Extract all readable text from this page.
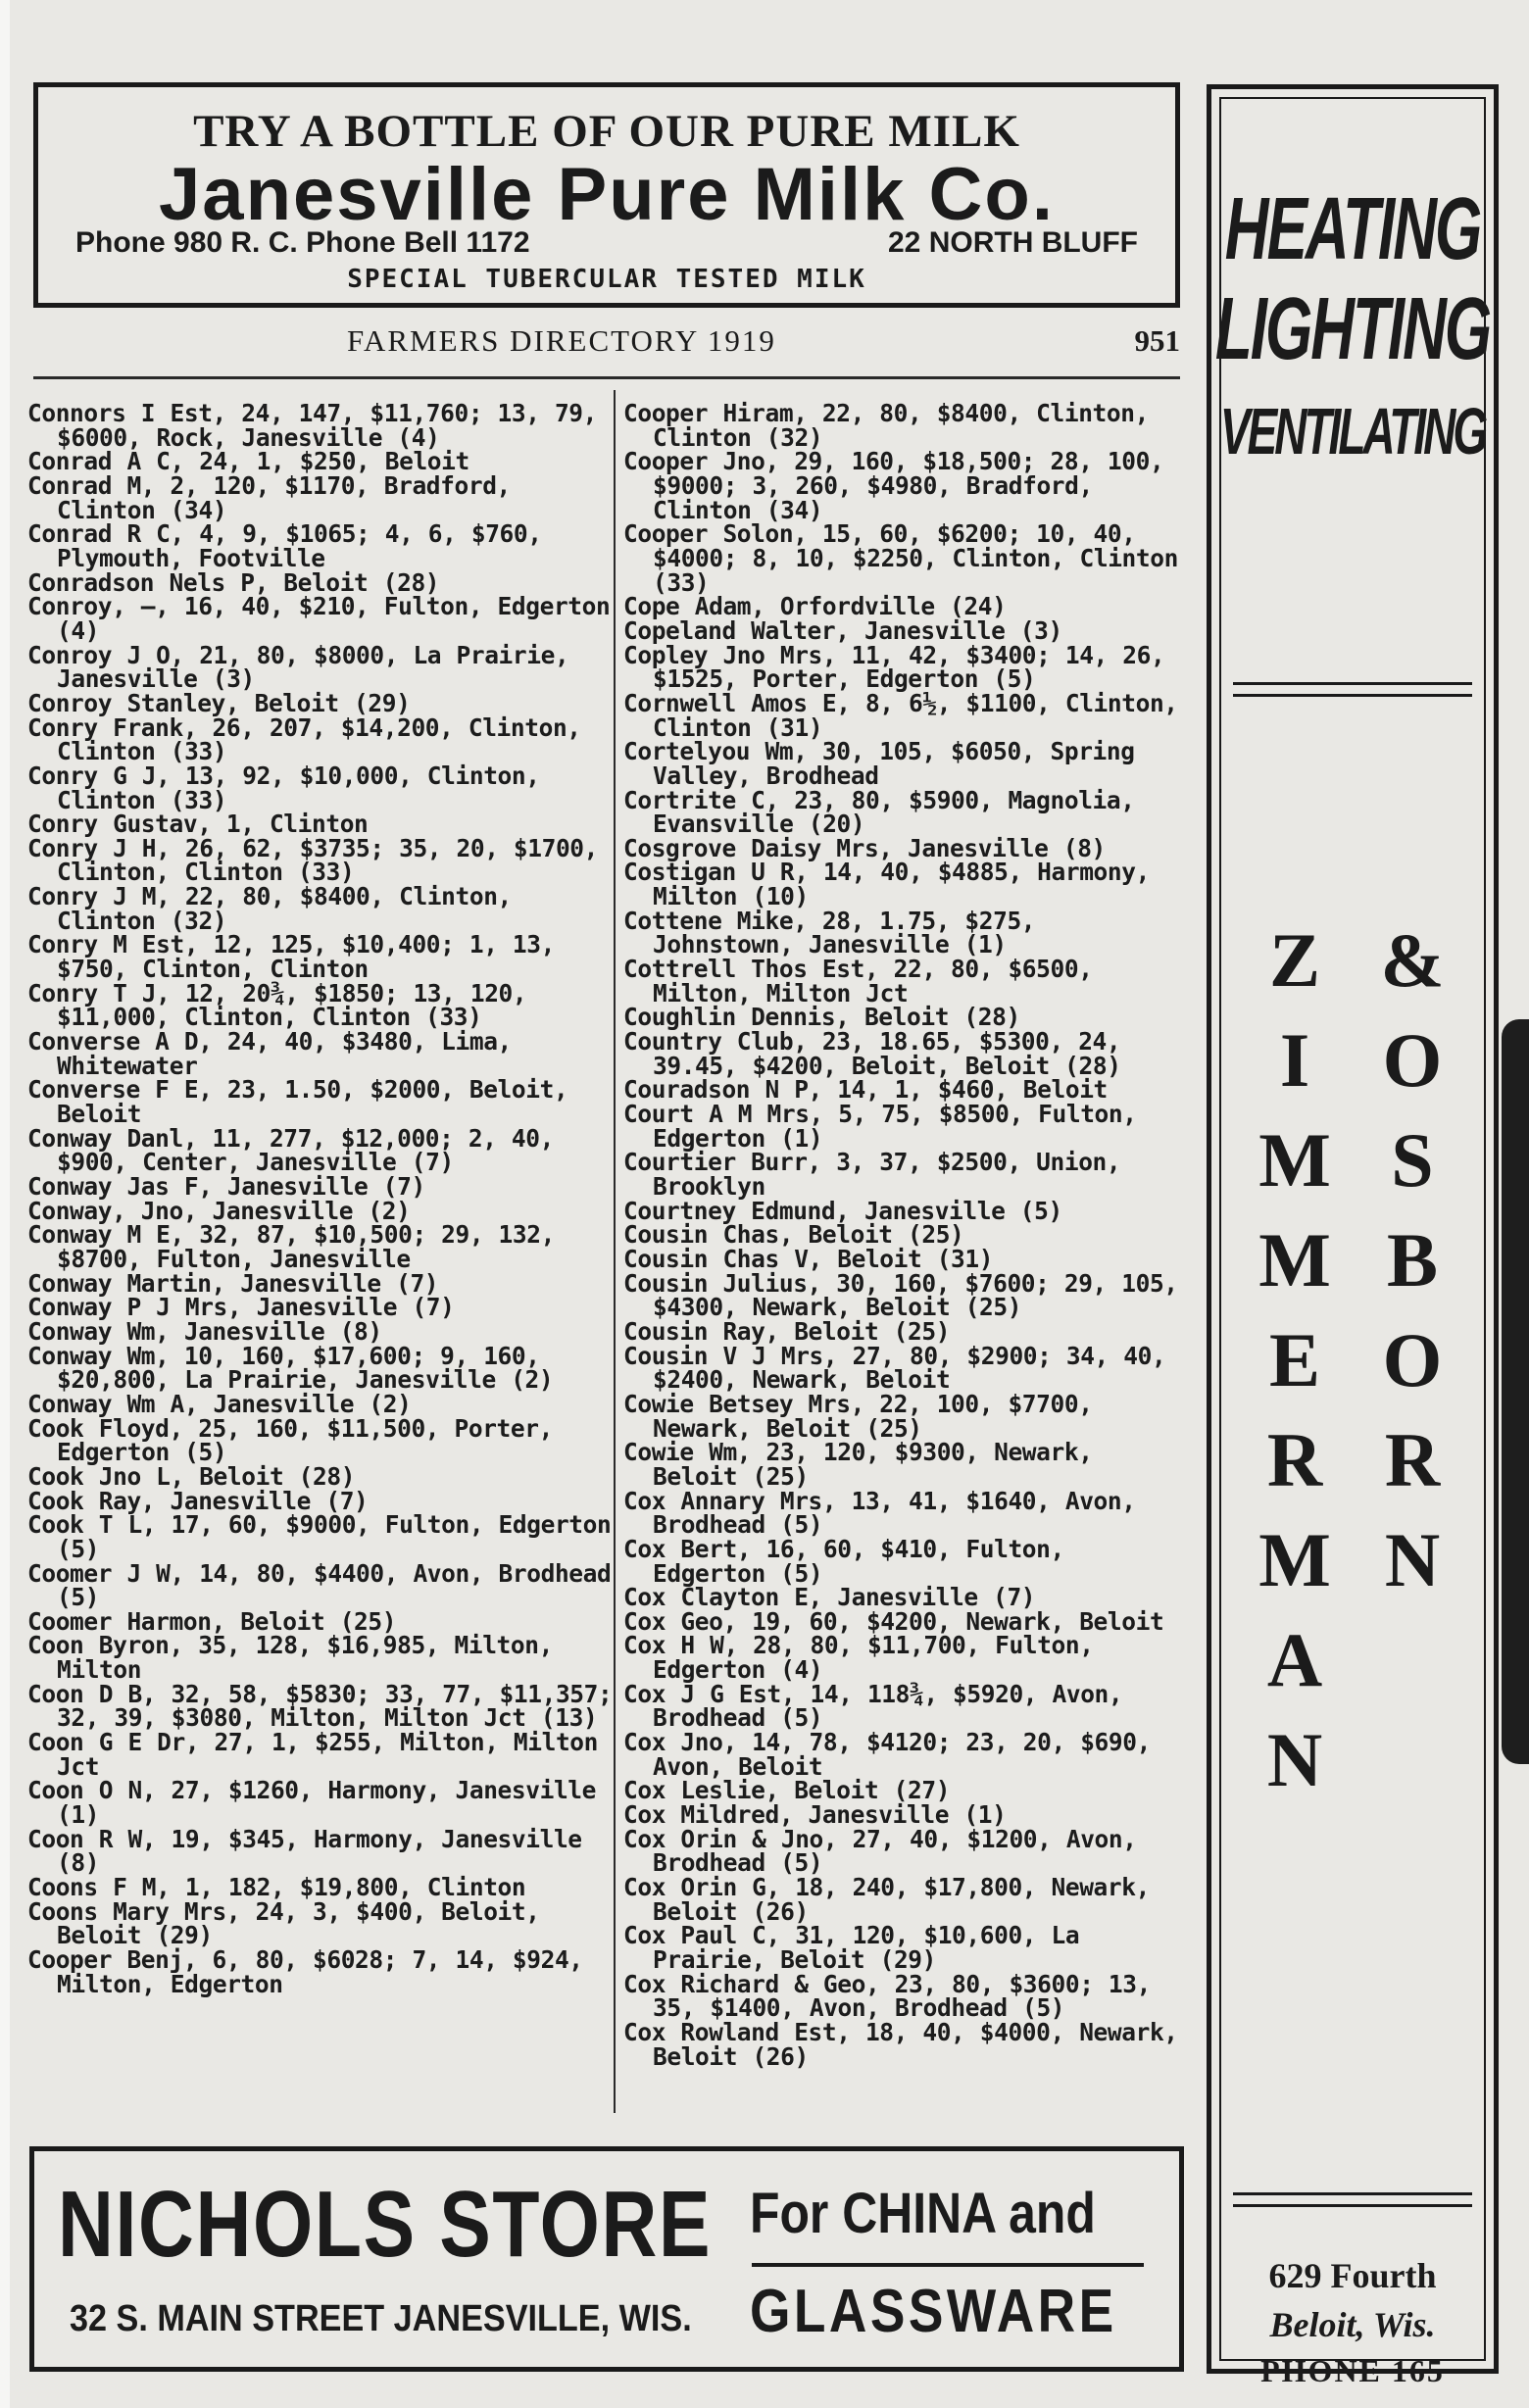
TRY A BOTTLE OF OUR PURE MILK
Janesville Pure Milk Co.
Phone 980 R. C. Phone Bell 1172	22 NORTH BLUFF
SPECIAL TUBERCULAR TESTED MILK
FARMERS DIRECTORY 1919	951
Connors I Est, 24, 147, $11,760; 13, 79, $6000, Rock, Janesville (4)
Conrad A C, 24, 1, $250, Beloit
Conrad M, 2, 120, $1170, Bradford, Clinton (34)
Conrad R C, 4, 9, $1065; 4, 6, $760, Plymouth, Footville
Conradson Nels P, Beloit (28)
Conroy, —, 16, 40, $210, Fulton, Edgerton (4)
Conroy J O, 21, 80, $8000, La Prairie, Janesville (3)
Conroy Stanley, Beloit (29)
Conry Frank, 26, 207, $14,200, Clinton, Clinton (33)
Conry G J, 13, 92, $10,000, Clinton, Clinton (33)
Conry Gustav, 1, Clinton
Conry J H, 26, 62, $3735; 35, 20, $1700, Clinton, Clinton (33)
Conry J M, 22, 80, $8400, Clinton, Clinton (32)
Conry M Est, 12, 125, $10,400; 1, 13, $750, Clinton, Clinton
Conry T J, 12, 20¾, $1850; 13, 120, $11,000, Clinton, Clinton (33)
Converse A D, 24, 40, $3480, Lima, Whitewater
Converse F E, 23, 1.50, $2000, Beloit, Beloit
Conway Danl, 11, 277, $12,000; 2, 40, $900, Center, Janesville (7)
Conway Jas F, Janesville (7)
Conway, Jno, Janesville (2)
Conway M E, 32, 87, $10,500; 29, 132, $8700, Fulton, Janesville
Conway Martin, Janesville (7)
Conway P J Mrs, Janesville (7)
Conway Wm, Janesville (8)
Conway Wm, 10, 160, $17,600; 9, 160, $20,800, La Prairie, Janesville (2)
Conway Wm A, Janesville (2)
Cook Floyd, 25, 160, $11,500, Porter, Edgerton (5)
Cook Jno L, Beloit (28)
Cook Ray, Janesville (7)
Cook T L, 17, 60, $9000, Fulton, Edgerton (5)
Coomer J W, 14, 80, $4400, Avon, Brodhead (5)
Coomer Harmon, Beloit (25)
Coon Byron, 35, 128, $16,985, Milton, Milton
Coon D B, 32, 58, $5830; 33, 77, $11,357; 32, 39, $3080, Milton, Milton Jct (13)
Coon G E Dr, 27, 1, $255, Milton, Milton Jct
Coon O N, 27, $1260, Harmony, Janesville (1)
Coon R W, 19, $345, Harmony, Janesville (8)
Coons F M, 1, 182, $19,800, Clinton
Coons Mary Mrs, 24, 3, $400, Beloit, Beloit (29)
Cooper Benj, 6, 80, $6028; 7, 14, $924, Milton, Edgerton
Cooper Hiram, 22, 80, $8400, Clinton, Clinton (32)
Cooper Jno, 29, 160, $18,500; 28, 100, $9000; 3, 260, $4980, Bradford, Clinton (34)
Cooper Solon, 15, 60, $6200; 10, 40, $4000; 8, 10, $2250, Clinton, Clinton (33)
Cope Adam, Orfordville (24)
Copeland Walter, Janesville (3)
Copley Jno Mrs, 11, 42, $3400; 14, 26, $1525, Porter, Edgerton (5)
Cornwell Amos E, 8, 6½, $1100, Clinton, Clinton (31)
Cortelyou Wm, 30, 105, $6050, Spring Valley, Brodhead
Cortrite C, 23, 80, $5900, Magnolia, Evansville (20)
Cosgrove Daisy Mrs, Janesville (8)
Costigan U R, 14, 40, $4885, Harmony, Milton (10)
Cottene Mike, 28, 1.75, $275, Johnstown, Janesville (1)
Cottrell Thos Est, 22, 80, $6500, Milton, Milton Jct
Coughlin Dennis, Beloit (28)
Country Club, 23, 18.65, $5300, 24, 39.45, $4200, Beloit, Beloit (28)
Couradson N P, 14, 1, $460, Beloit
Court A M Mrs, 5, 75, $8500, Fulton, Edgerton (1)
Courtier Burr, 3, 37, $2500, Union, Brooklyn
Courtney Edmund, Janesville (5)
Cousin Chas, Beloit (25)
Cousin Chas V, Beloit (31)
Cousin Julius, 30, 160, $7600; 29, 105, $4300, Newark, Beloit (25)
Cousin Ray, Beloit (25)
Cousin V J Mrs, 27, 80, $2900; 34, 40, $2400, Newark, Beloit
Cowie Betsey Mrs, 22, 100, $7700, Newark, Beloit (25)
Cowie Wm, 23, 120, $9300, Newark, Beloit (25)
Cox Annary Mrs, 13, 41, $1640, Avon, Brodhead (5)
Cox Bert, 16, 60, $410, Fulton, Edgerton (5)
Cox Clayton E, Janesville (7)
Cox Geo, 19, 60, $4200, Newark, Beloit
Cox H W, 28, 80, $11,700, Fulton, Edgerton (4)
Cox J G Est, 14, 118¾, $5920, Avon, Brodhead (5)
Cox Jno, 14, 78, $4120; 23, 20, $690, Avon, Beloit
Cox Leslie, Beloit (27)
Cox Mildred, Janesville (1)
Cox Orin & Jno, 27, 40, $1200, Avon, Brodhead (5)
Cox Orin G, 18, 240, $17,800, Newark, Beloit (26)
Cox Paul C, 31, 120, $10,600, La Prairie, Beloit (29)
Cox Richard & Geo, 23, 80, $3600; 13, 35, $1400, Avon, Brodhead (5)
Cox Rowland Est, 18, 40, $4000, Newark, Beloit (26)
HEATING
LIGHTING
VENTILATING
Z
I
M
M
E
R
M
A
N
&
O
S
B
O
R
N
629 Fourth
Beloit, Wis.
PHONE 165
NICHOLS STORE
32 S. MAIN STREET JANESVILLE, WIS.
For CHINA and
GLASSWARE
